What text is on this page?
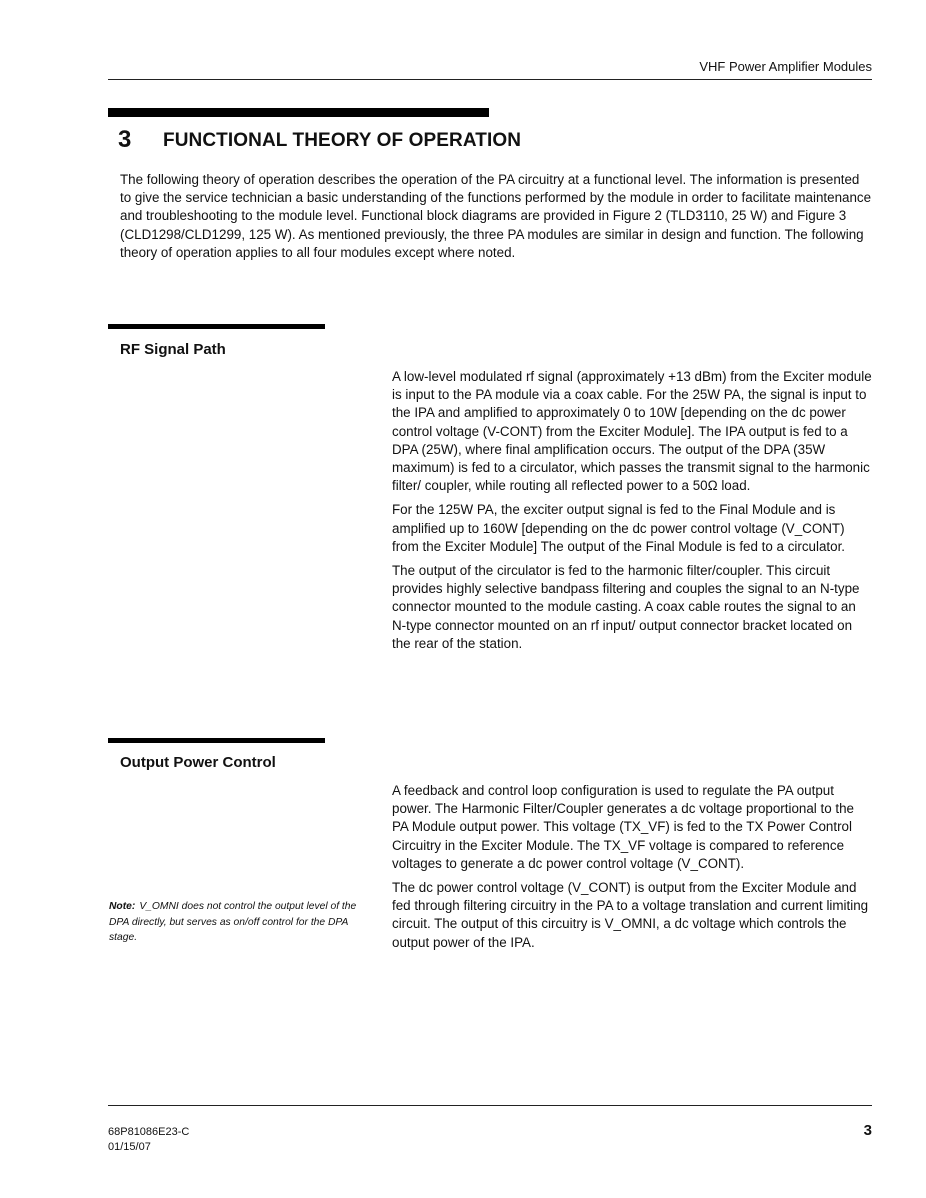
VHF Power Amplifier Modules
3 FUNCTIONAL THEORY OF OPERATION
The following theory of operation describes the operation of the PA circuitry at a functional level. The information is presented to give the service technician a basic understanding of the functions performed by the module in order to facilitate maintenance and troubleshooting to the module level. Functional block diagrams are provided in Figure 2 (TLD3110, 25 W) and Figure 3 (CLD1298/CLD1299, 125 W). As mentioned previously, the three PA modules are similar in design and function. The following theory of operation applies to all four modules except where noted.
RF Signal Path

A low-level modulated rf signal (approximately +13 dBm) from the Exciter module is input to the PA module via a coax cable. For the 25W PA, the signal is input to the IPA and amplified to approximately 0 to 10W [depending on the dc power control voltage (V-CONT) from the Exciter Module]. The IPA output is fed to a DPA (25W), where final amplification occurs. The output of the DPA (35W maximum) is fed to a circulator, which passes the transmit signal to the harmonic filter/ coupler, while routing all reflected power to a 50Ω load.

For the 125W PA, the exciter output signal is fed to the Final Module and is amplified up to 160W [depending on the dc power control voltage (V_CONT) from the Exciter Module] The output of the Final Module is fed to a circulator.

The output of the circulator is fed to the harmonic filter/coupler. This circuit provides highly selective bandpass filtering and couples the signal to an N-type connector mounted to the module casting. A coax cable routes the signal to an N-type connector mounted on an rf input/ output connector bracket located on the rear of the station.

Output Power Control

A feedback and control loop configuration is used to regulate the PA output power. The Harmonic Filter/Coupler generates a dc voltage proportional to the PA Module output power. This voltage (TX_VF) is fed to the TX Power Control Circuitry in the Exciter Module. The TX_VF voltage is compared to reference voltages to generate a dc power control voltage (V_CONT).

The dc power control voltage (V_CONT) is output from the Exciter Module and fed through filtering circuitry in the PA to a voltage translation and current limiting circuit. The output of this circuitry is V_OMNI, a dc voltage which controls the output power of the IPA.

Note: V_OMNI does not control the output level of the DPA directly, but serves as on/off control for the DPA stage.
68P81086E23-C
01/15/07
3
